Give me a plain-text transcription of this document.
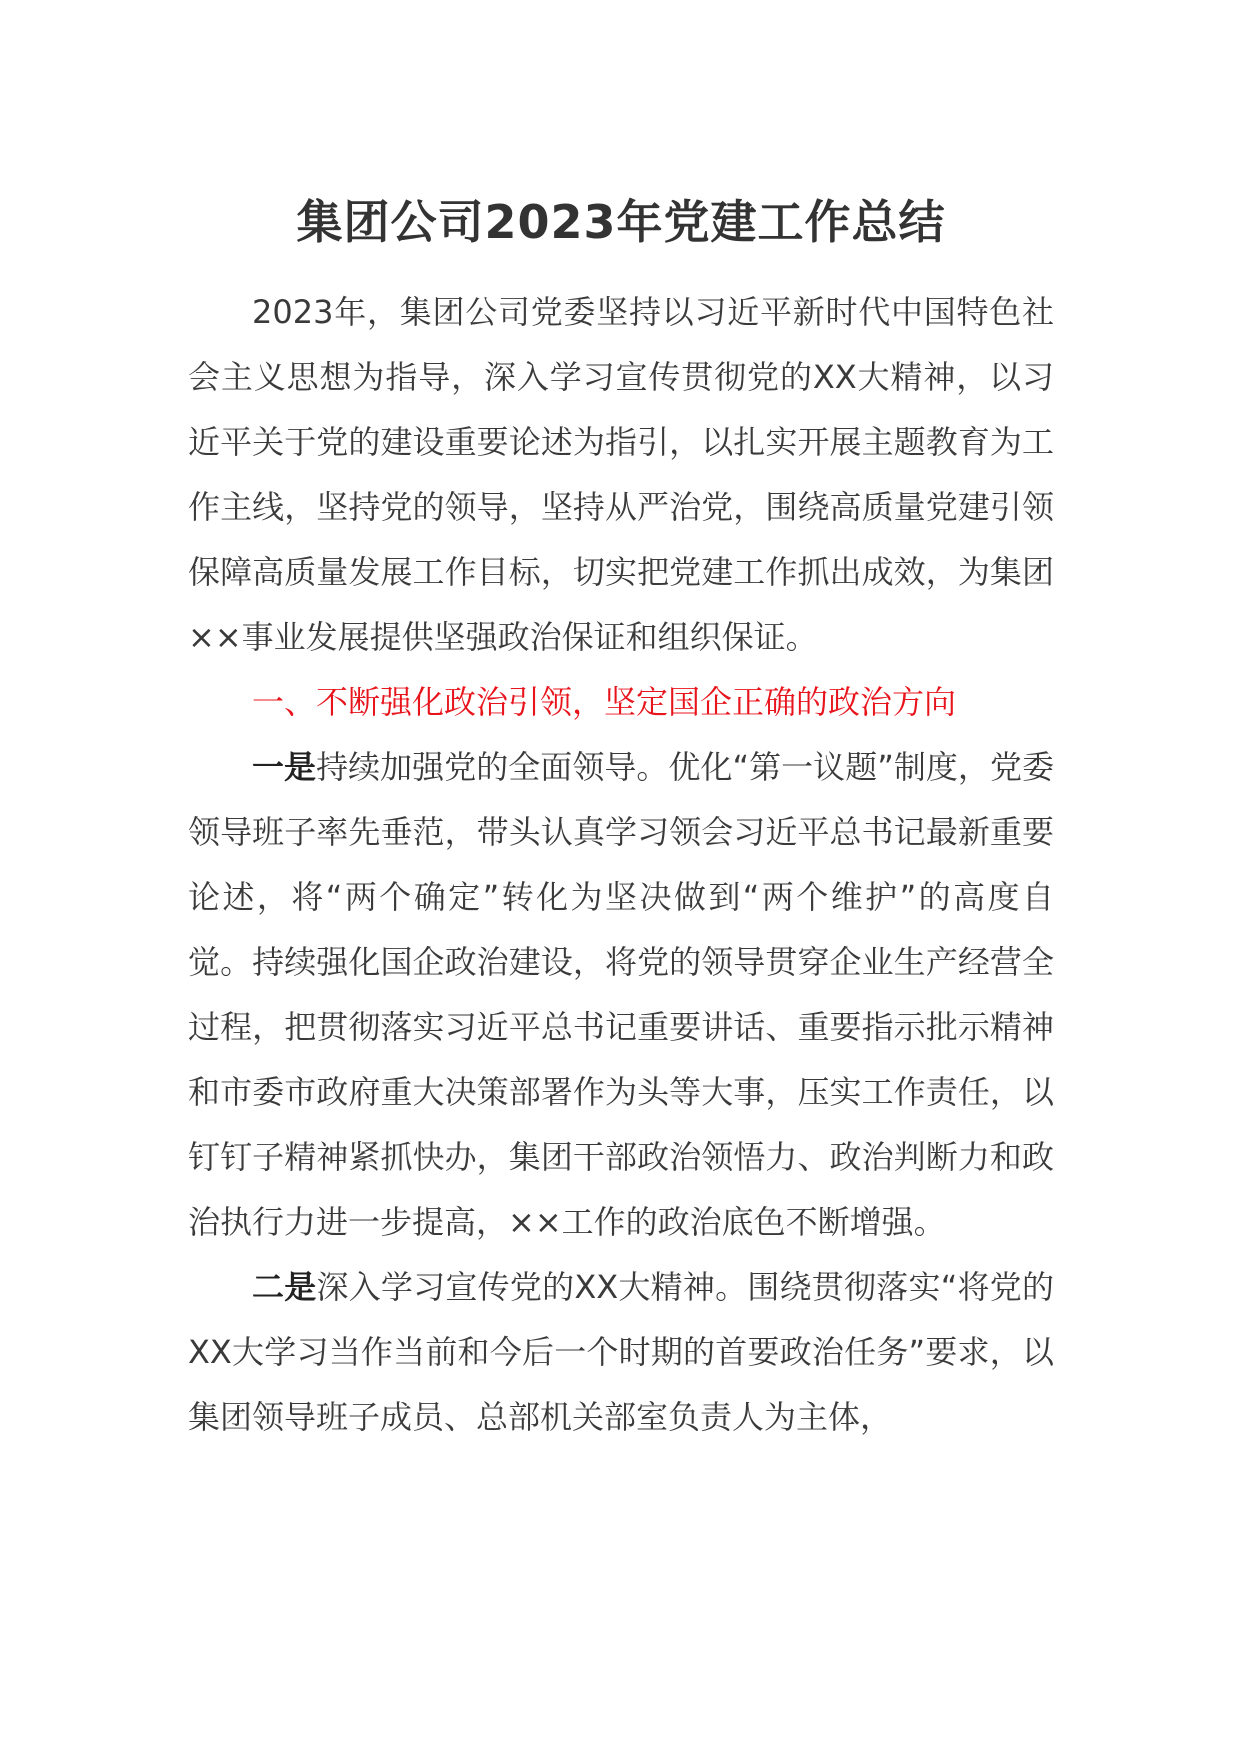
集团公司2023年党建工作总结

2023年，集团公司党委坚持以习近平新时代中国特色社会主义思想为指导，深入学习宣传贯彻党的XX大精神，以习近平关于党的建设重要论述为指引，以扎实开展主题教育为工作主线，坚持党的领导，坚持从严治党，围绕高质量党建引领保障高质量发展工作目标，切实把党建工作抓出成效，为集团××事业发展提供坚强政治保证和组织保证。

一、不断强化政治引领，坚定国企正确的政治方向

一是持续加强党的全面领导。优化“第一议题”制度，党委领导班子率先垂范，带头认真学习领会习近平总书记最新重要论述，将“两个确定”转化为坚决做到“两个维护”的高度自觉。持续强化国企政治建设，将党的领导贯穿企业生产经营全过程，把贯彻落实习近平总书记重要讲话、重要指示批示精神和市委市政府重大决策部署作为头等大事，压实工作责任，以钉钉子精神紧抓快办，集团干部政治领悟力、政治判断力和政治执行力进一步提高，××工作的政治底色不断增强。

二是深入学习宣传党的XX大精神。围绕贯彻落实“将党的XX大学习当作当前和今后一个时期的首要政治任务”要求，以集团领导班子成员、总部机关部室负责人为主体，
